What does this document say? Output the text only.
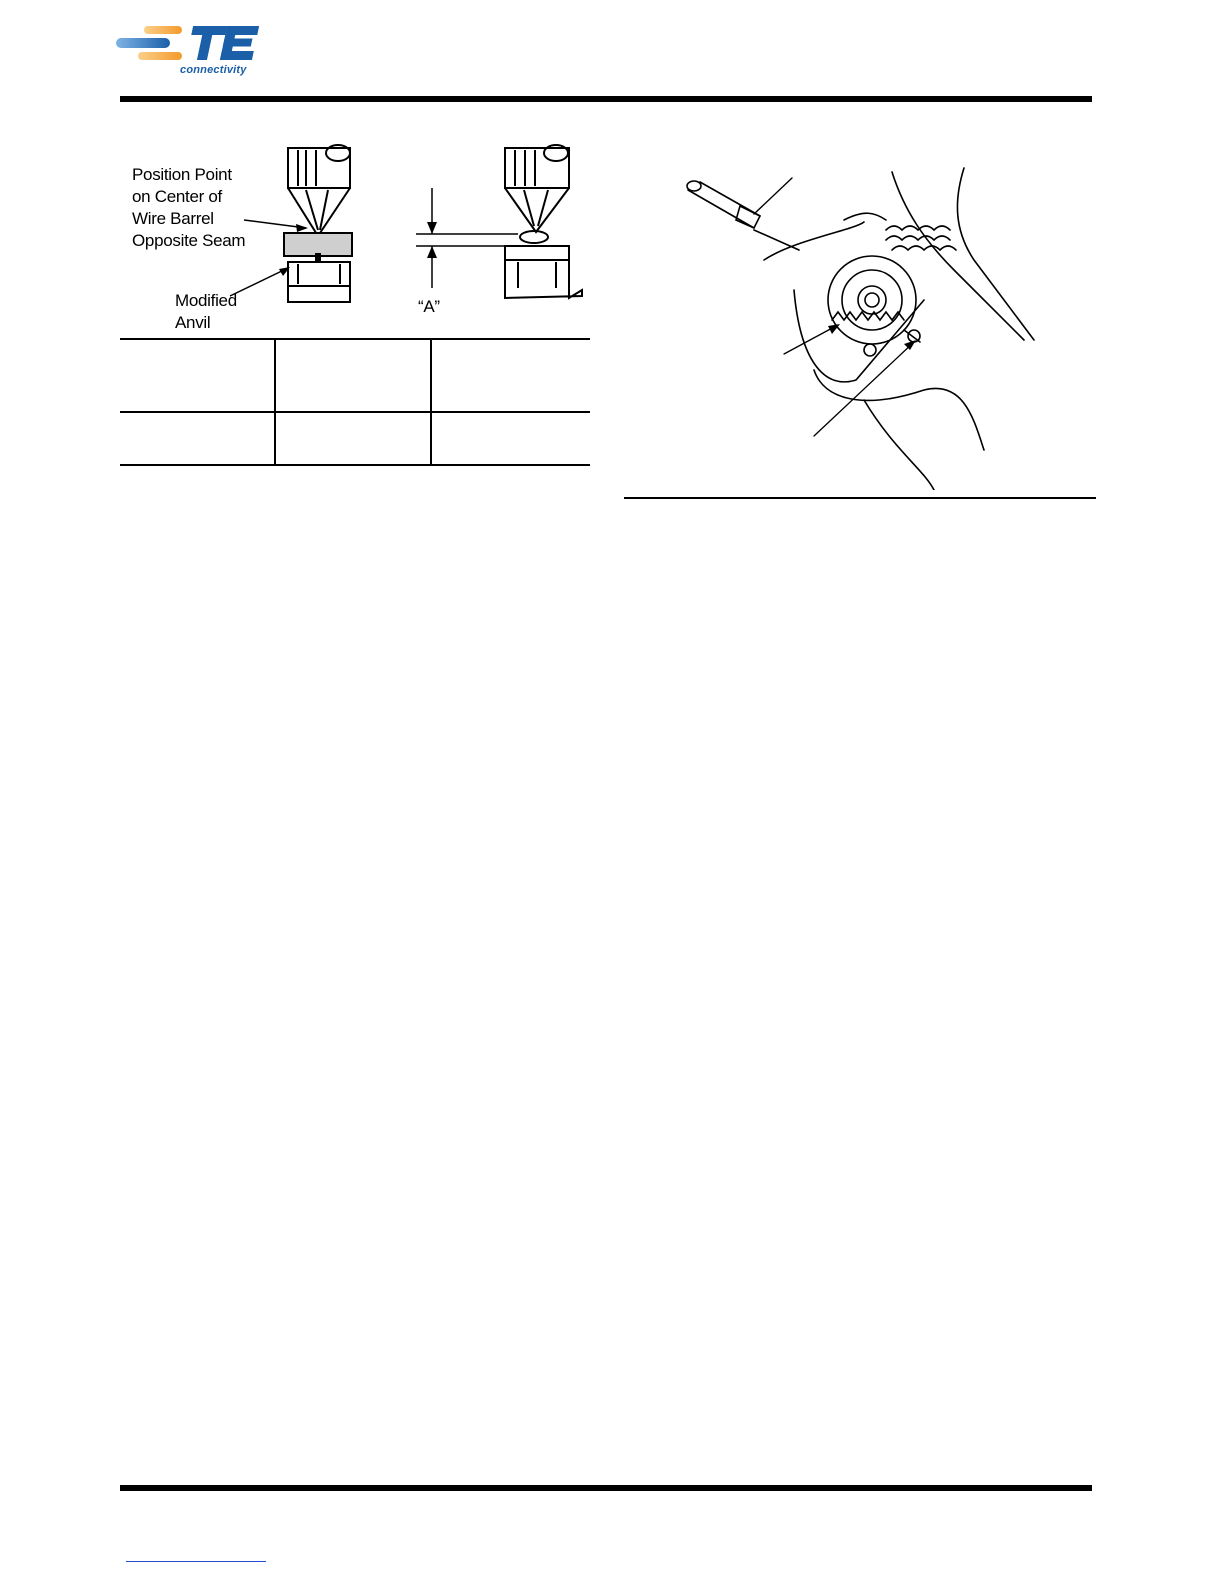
connectivity
Position Point
on Center of
Wire Barrel
Opposite Seam
Modified
Anvil
“A”
